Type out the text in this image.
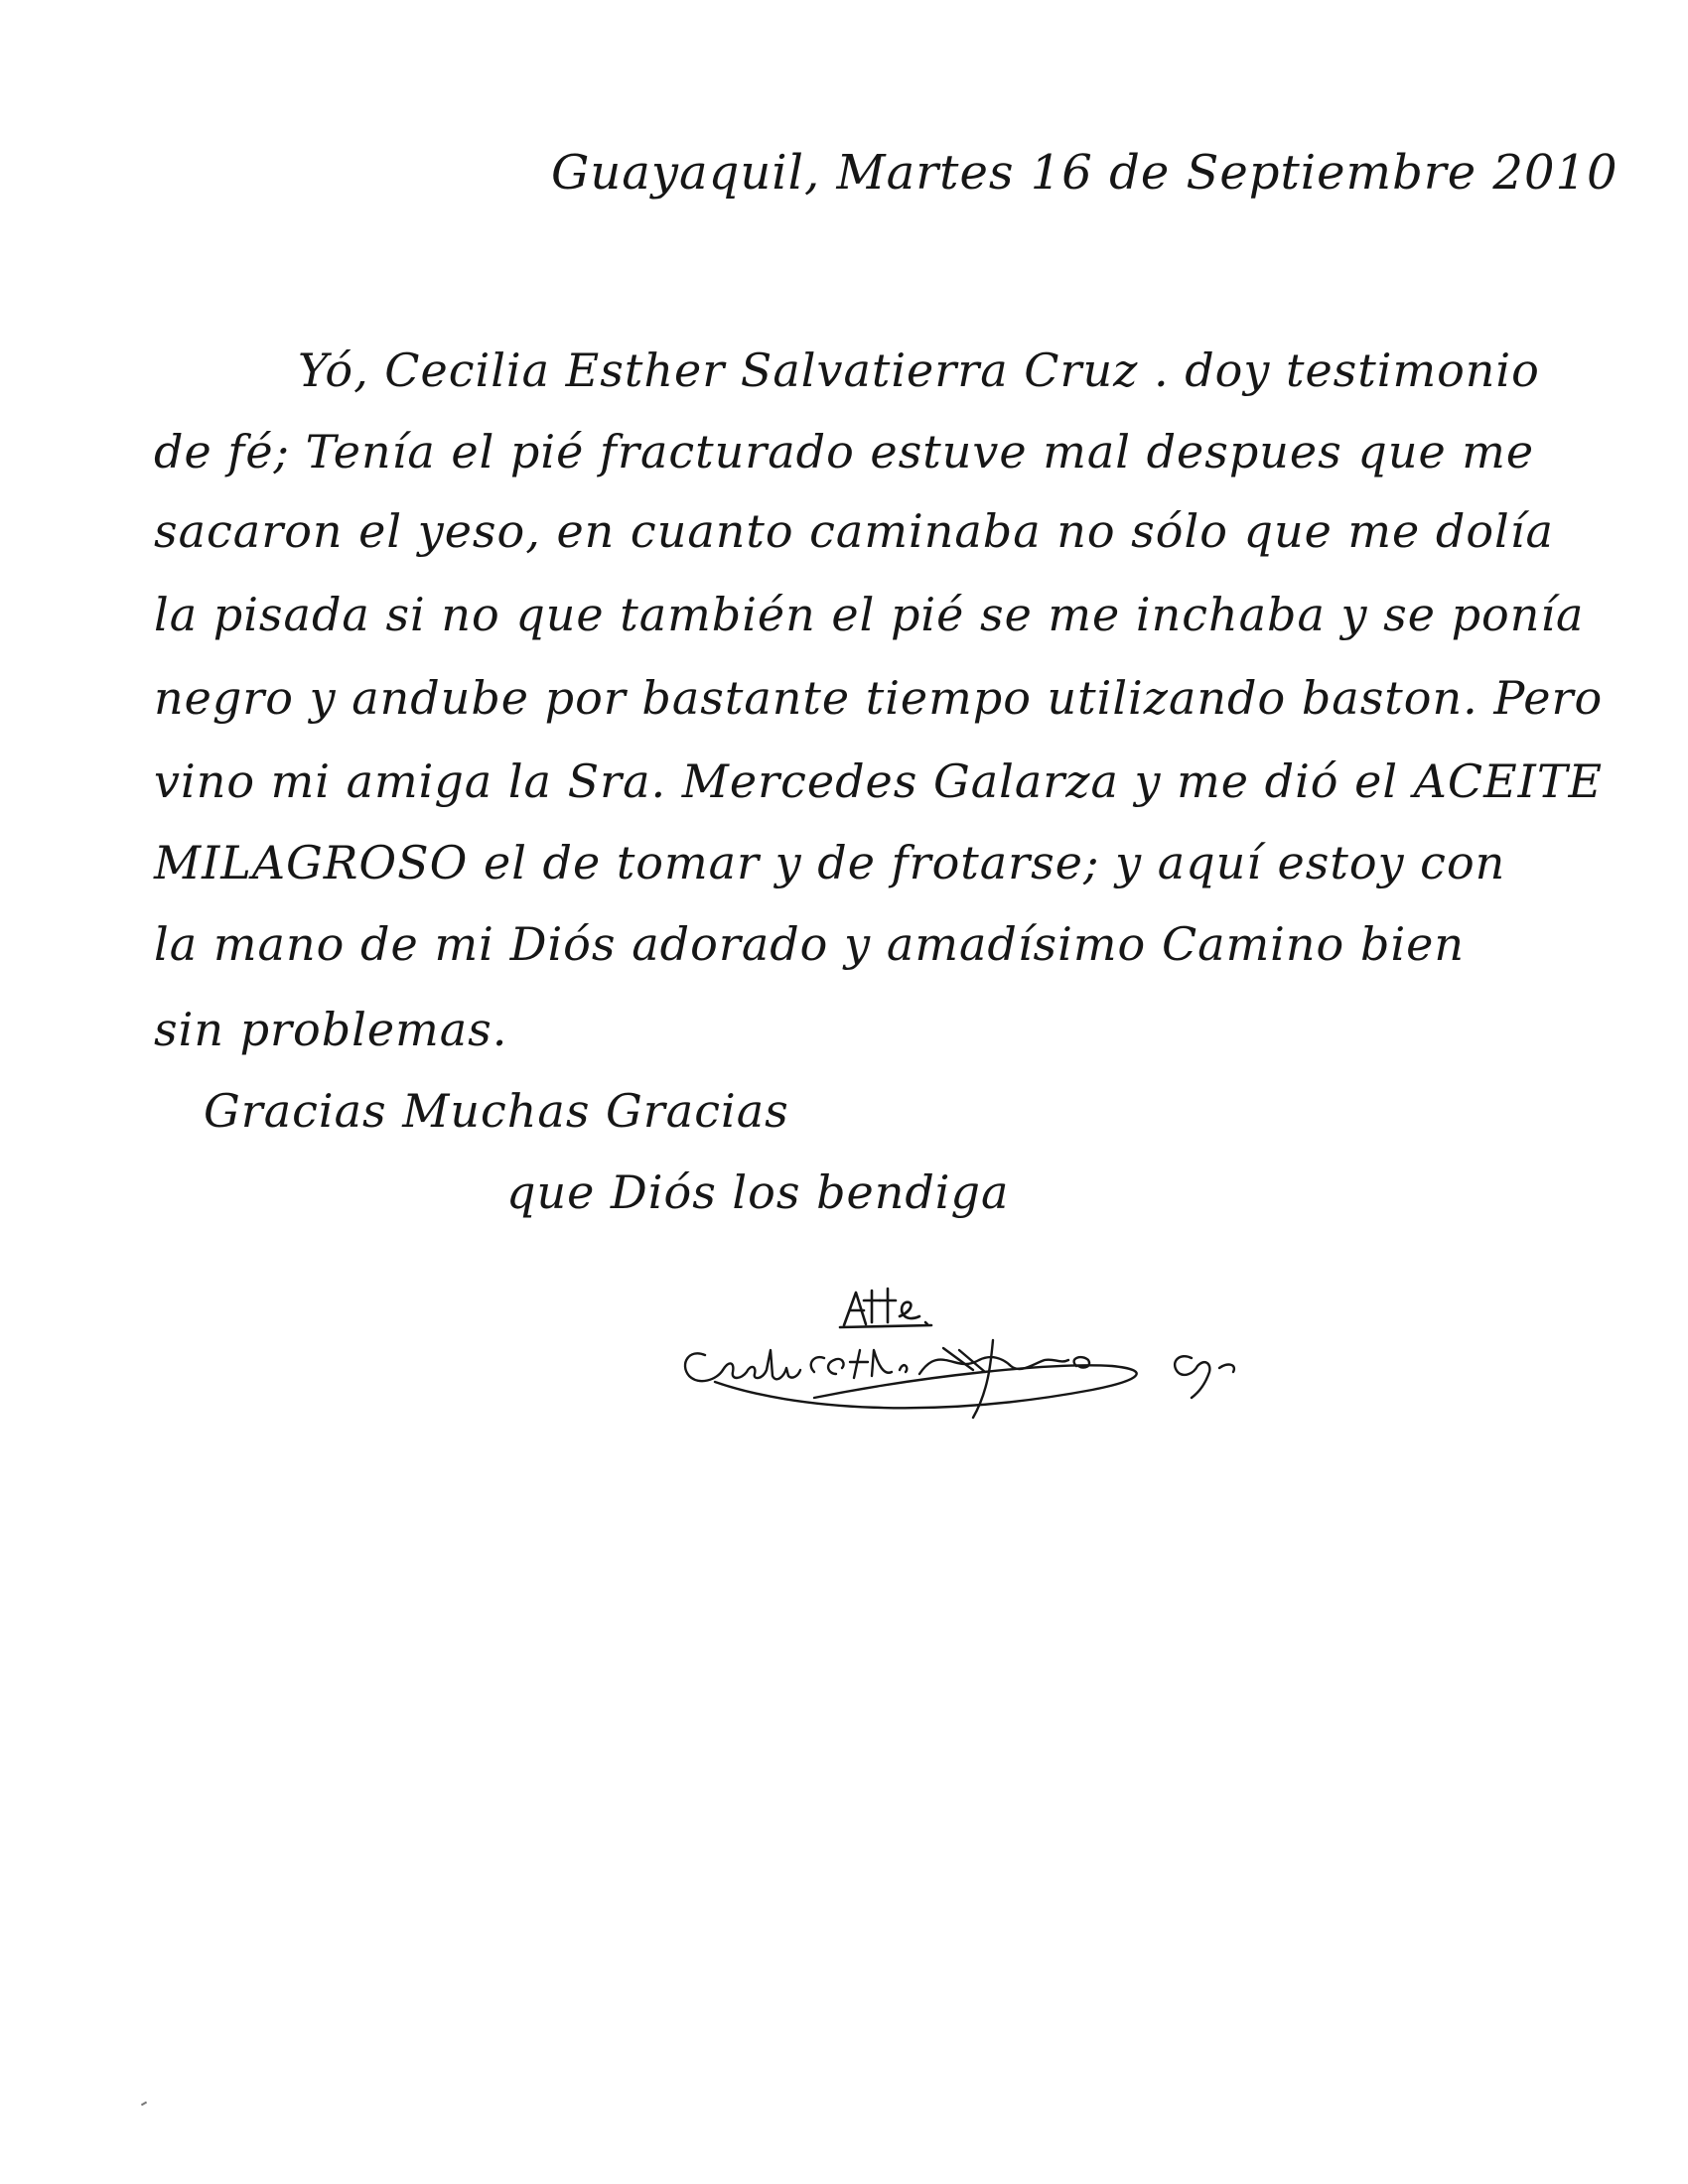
Guayaquil, Martes 16 de Septiembre 2010
Yó, Cecilia Esther Salvatierra Cruz . doy testimonio
de fé; Tenía el pié fracturado estuve mal despues que me
sacaron el yeso, en cuanto caminaba no sólo que me dolía
la pisada si no que también el pié se me inchaba y se ponía
negro y andube por bastante tiempo utilizando baston. Pero
vino mi amiga la Sra. Mercedes Galarza y me dió el ACEITE
MILAGROSO el de tomar y de frotarse; y aquí estoy con
la mano de mi Diós adorado y amadísimo Camino bien
sin problemas.
Gracias Muchas Gracias
que Diós los bendiga
